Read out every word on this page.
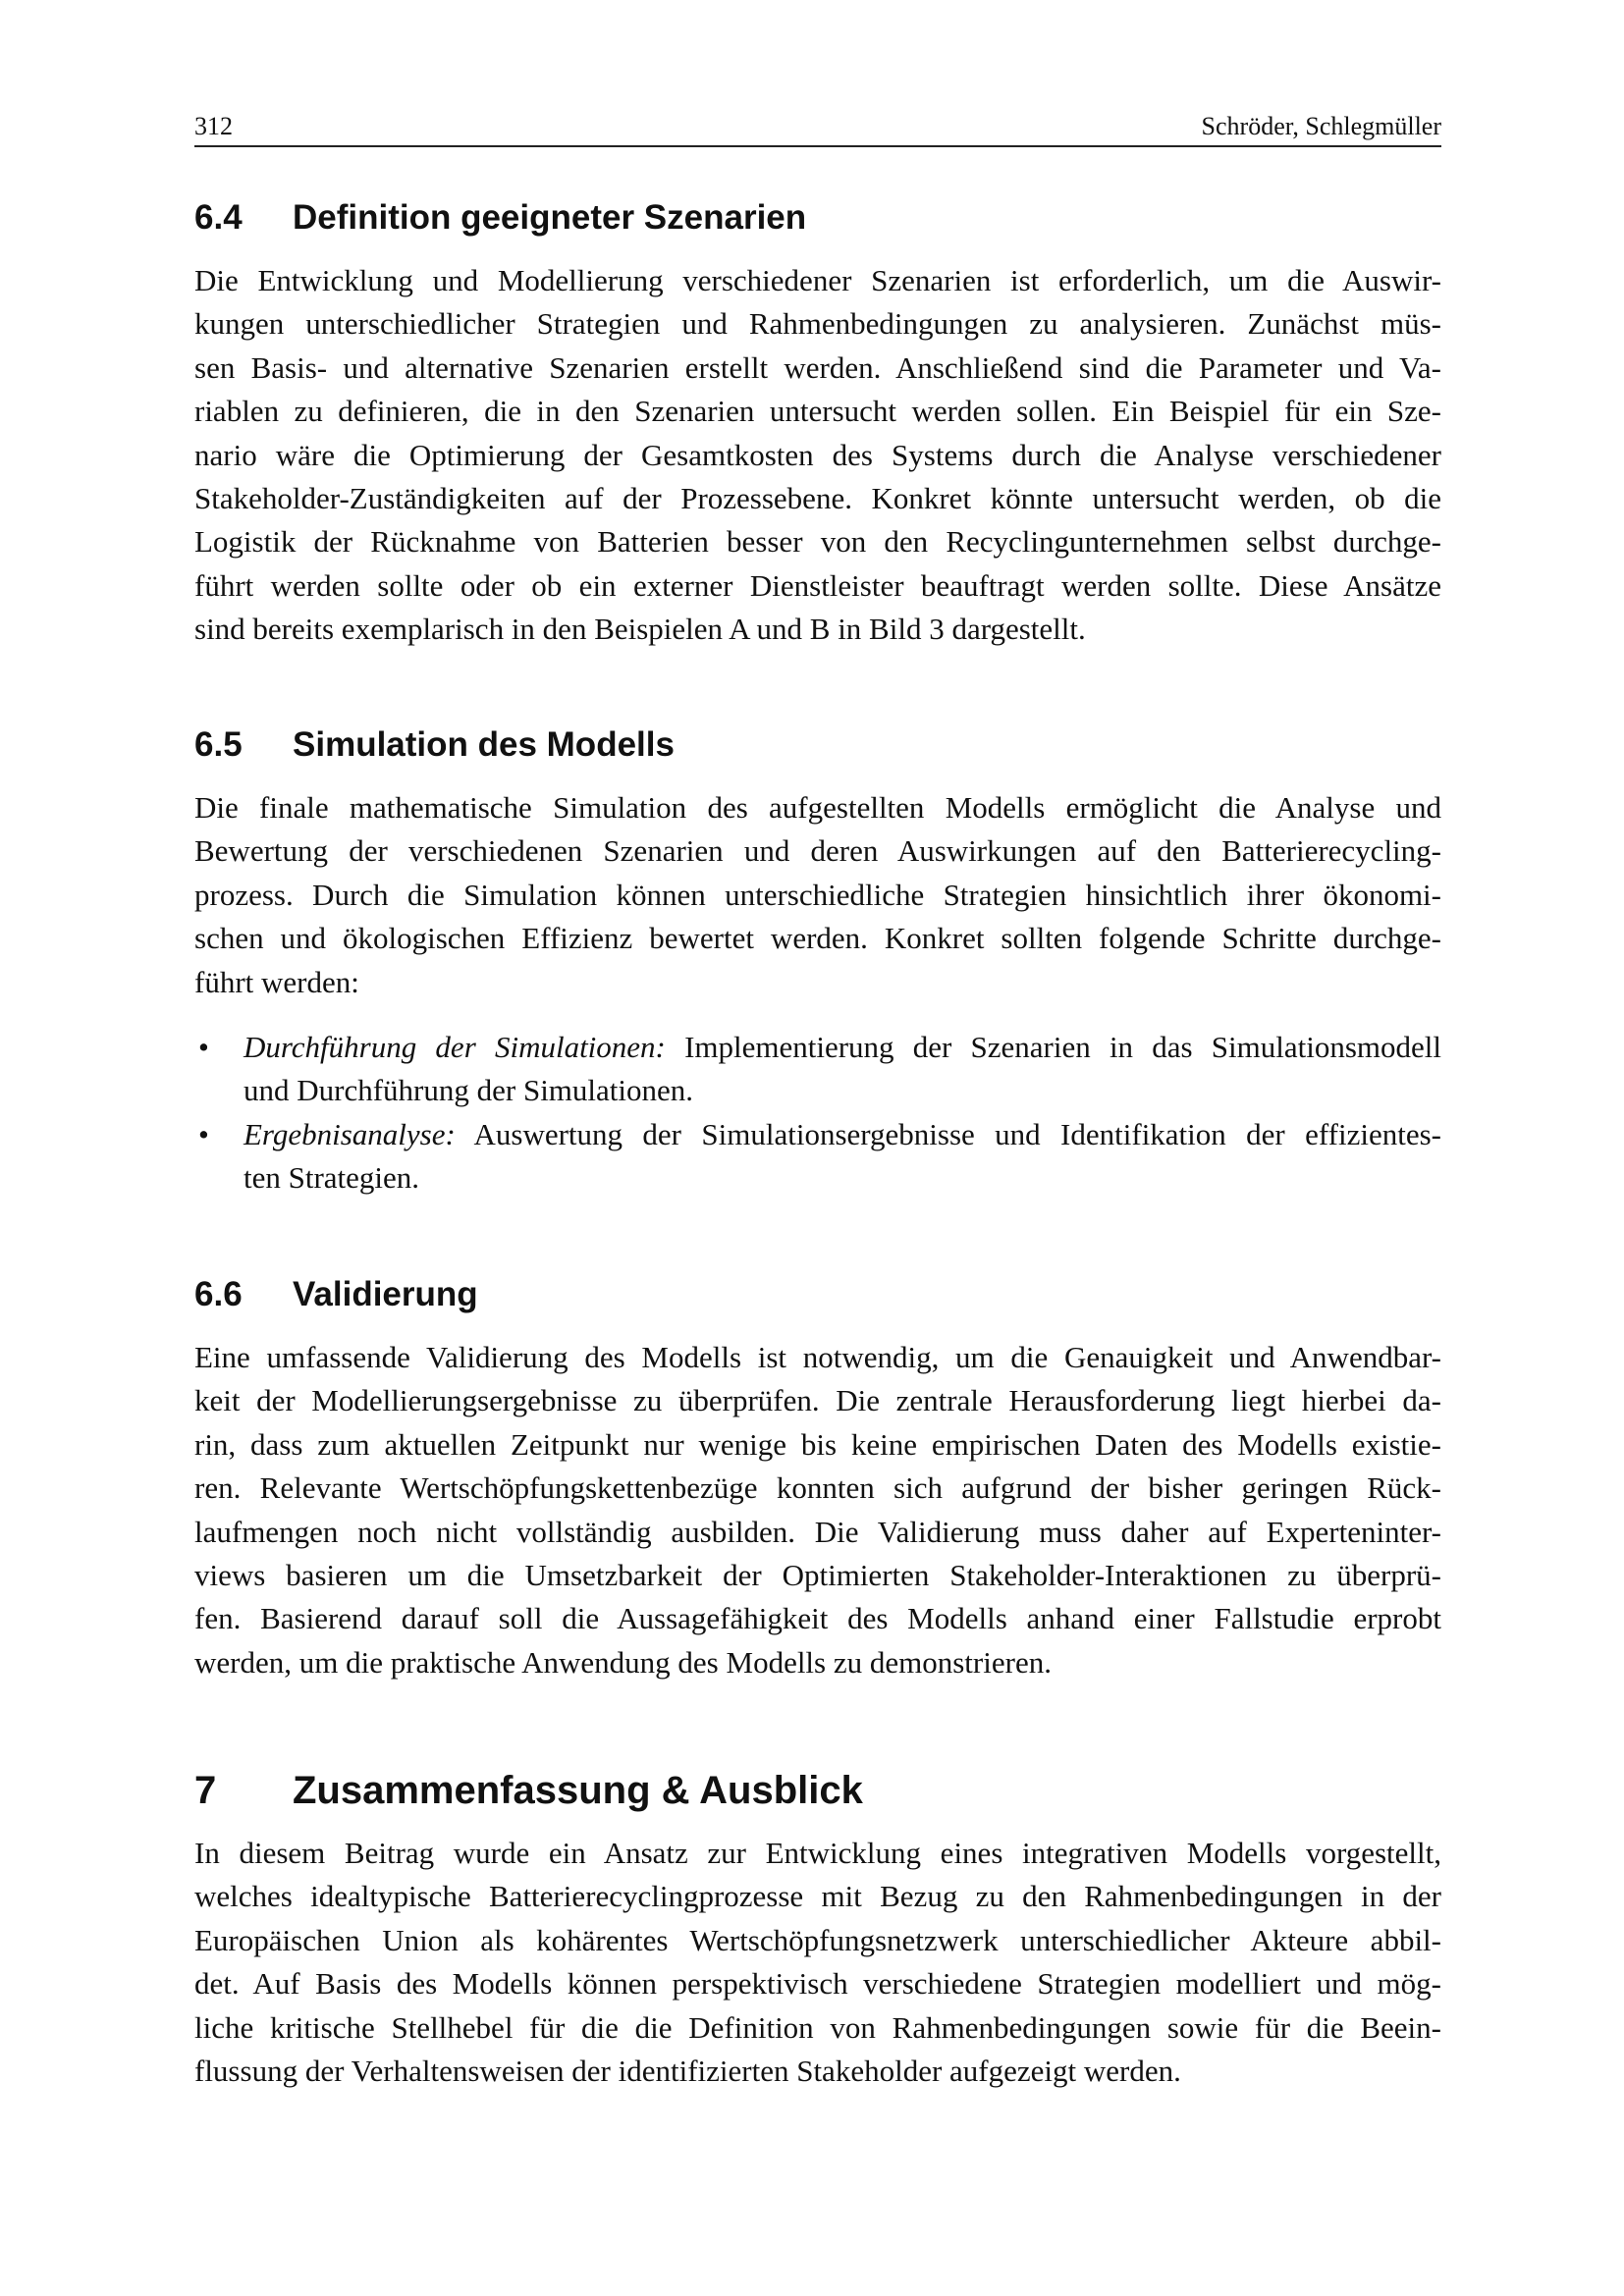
312	Schröder, Schlegmüller
6.4 Definition geeigneter Szenarien

Die Entwicklung und Modellierung verschiedener Szenarien ist erforderlich, um die Auswir-
kungen unterschiedlicher Strategien und Rahmenbedingungen zu analysieren. Zunächst müs-
sen Basis- und alternative Szenarien erstellt werden. Anschließend sind die Parameter und Va-
riablen zu definieren, die in den Szenarien untersucht werden sollen. Ein Beispiel für ein Sze-
nario wäre die Optimierung der Gesamtkosten des Systems durch die Analyse verschiedener
Stakeholder-Zuständigkeiten auf der Prozessebene. Konkret könnte untersucht werden, ob die
Logistik der Rücknahme von Batterien besser von den Recyclingunternehmen selbst durchge-
führt werden sollte oder ob ein externer Dienstleister beauftragt werden sollte. Diese Ansätze
sind bereits exemplarisch in den Beispielen A und B in Bild 3 dargestellt.

6.5 Simulation des Modells

Die finale mathematische Simulation des aufgestellten Modells ermöglicht die Analyse und
Bewertung der verschiedenen Szenarien und deren Auswirkungen auf den Batterierecycling-
prozess. Durch die Simulation können unterschiedliche Strategien hinsichtlich ihrer ökonomi-
schen und ökologischen Effizienz bewertet werden. Konkret sollten folgende Schritte durchge-
führt werden:

• Durchführung der Simulationen: Implementierung der Szenarien in das Simulationsmodell
und Durchführung der Simulationen.
• Ergebnisanalyse: Auswertung der Simulationsergebnisse und Identifikation der effizientes-
ten Strategien.
6.6 Validierung

Eine umfassende Validierung des Modells ist notwendig, um die Genauigkeit und Anwendbar-
keit der Modellierungsergebnisse zu überprüfen. Die zentrale Herausforderung liegt hierbei da-
rin, dass zum aktuellen Zeitpunkt nur wenige bis keine empirischen Daten des Modells existie-
ren. Relevante Wertschöpfungskettenbezüge konnten sich aufgrund der bisher geringen Rück-
laufmengen noch nicht vollständig ausbilden. Die Validierung muss daher auf Experteninter-
views basieren um die Umsetzbarkeit der Optimierten Stakeholder-Interaktionen zu überprü-
fen. Basierend darauf soll die Aussagefähigkeit des Modells anhand einer Fallstudie erprobt
werden, um die praktische Anwendung des Modells zu demonstrieren.

7 Zusammenfassung & Ausblick

In diesem Beitrag wurde ein Ansatz zur Entwicklung eines integrativen Modells vorgestellt,
welches idealtypische Batterierecyclingprozesse mit Bezug zu den Rahmenbedingungen in der
Europäischen Union als kohärentes Wertschöpfungsnetzwerk unterschiedlicher Akteure abbil-
det. Auf Basis des Modells können perspektivisch verschiedene Strategien modelliert und mög-
liche kritische Stellhebel für die die Definition von Rahmenbedingungen sowie für die Beein-
flussung der Verhaltensweisen der identifizierten Stakeholder aufgezeigt werden.
